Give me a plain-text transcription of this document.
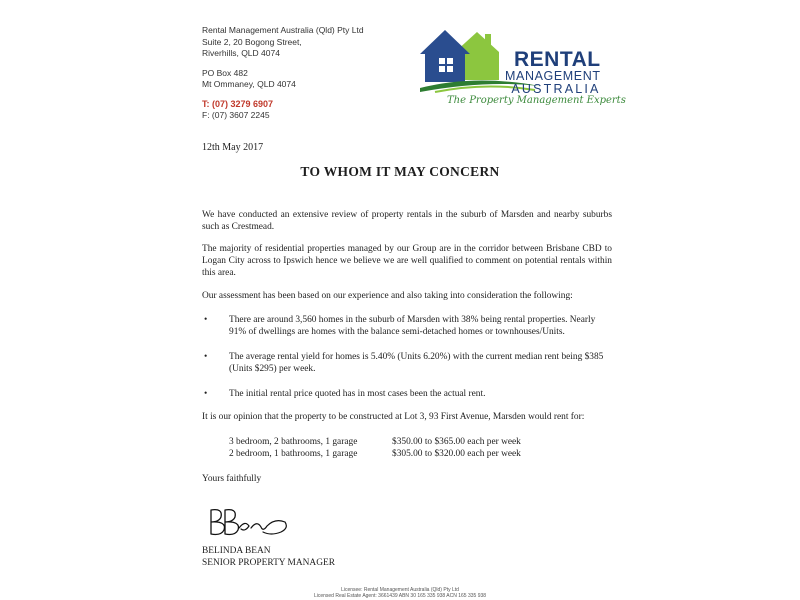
Rental Management Australia (Qld) Pty Ltd
Suite 2, 20 Bogong Street,
Riverhills, QLD 4074
PO Box 482
Mt Ommaney, QLD 4074
T: (07) 3279 6907
F: (07) 3607 2245
RENTAL
MANAGEMENT
AUSTRALIA
The Property Management Experts
12th May 2017
TO WHOM IT MAY CONCERN
We have conducted an extensive review of property rentals in the suburb of Marsden and nearby suburbs such as Crestmead.
The majority of residential properties managed by our Group are in the corridor between Brisbane CBD to Logan City across to Ipswich hence we believe we are well qualified to comment on potential rentals within this area.
Our assessment has been based on our experience and also taking into consideration the following:
• There are around 3,560 homes in the suburb of Marsden with 38% being rental properties. Nearly 91% of dwellings are homes with the balance semi-detached homes or townhouses/Units.
• The average rental yield for homes is 5.40% (Units 6.20%) with the current median rent being $385 (Units $295) per week.
• The initial rental price quoted has in most cases been the actual rent.
It is our opinion that the property to be constructed at Lot 3, 93 First Avenue, Marsden would rent for:
3 bedroom, 2 bathrooms, 1 garage	$350.00 to $365.00 each per week
2 bedroom, 1 bathrooms, 1 garage	$305.00 to $320.00 each per week
Yours faithfully
BELINDA BEAN
SENIOR PROPERTY MANAGER
Licensee: Rental Management Australia (Qld) Pty Ltd
Licensed Real Estate Agent: 3661439 ABN 30 165 335 938 ACN 165 335 938
